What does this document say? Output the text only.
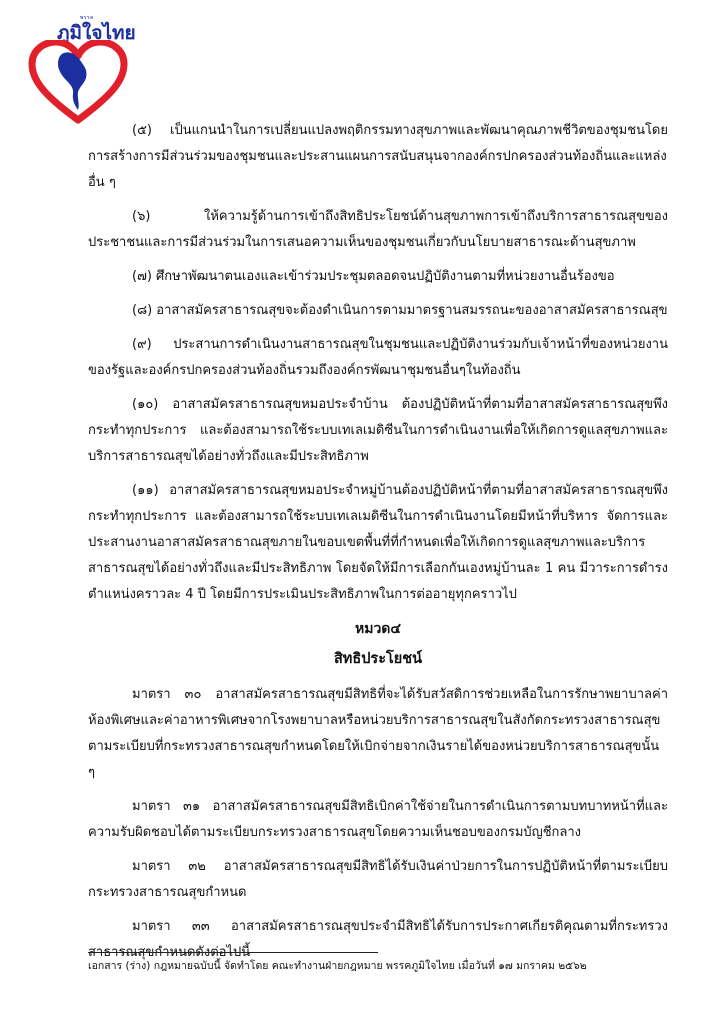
พรรค
ภูมิใจไทย

(๕) เป็นแกนนำในการเปลี่ยนแปลงพฤติกรรมทางสุขภาพและพัฒนาคุณภาพชีวิตของชุมชนโดยการสร้างการมีส่วนร่วมของชุมชนและประสานแผนการสนับสนุนจากองค์กรปกครองส่วนท้องถิ่นและแหล่งอื่น ๆ

(๖) ให้ความรู้ด้านการเข้าถึงสิทธิประโยชน์ด้านสุขภาพการเข้าถึงบริการสาธารณสุขของประชาชนและการมีส่วนร่วมในการเสนอความเห็นของชุมชนเกี่ยวกับนโยบายสาธารณะด้านสุขภาพ

(๗) ศึกษาพัฒนาตนเองและเข้าร่วมประชุมตลอดจนปฏิบัติงานตามที่หน่วยงานอื่นร้องขอ

(๘) อาสาสมัครสาธารณสุขจะต้องดำเนินการตามมาตรฐานสมรรถนะของอาสาสมัครสาธารณสุข

(๙) ประสานการดำเนินงานสาธารณสุขในชุมชนและปฏิบัติงานร่วมกับเจ้าหน้าที่ของหน่วยงานของรัฐและองค์กรปกครองส่วนท้องถิ่นรวมถึงองค์กรพัฒนาชุมชนอื่นๆในท้องถิ่น

(๑๐) อาสาสมัครสาธารณสุขหมอประจำบ้าน ต้องปฏิบัติหน้าที่ตามที่อาสาสมัครสาธารณสุขพึงกระทำทุกประการ และต้องสามารถใช้ระบบเทเลเมดิซีนในการดำเนินงานเพื่อให้เกิดการดูแลสุขภาพและบริการสาธารณสุขได้อย่างทั่วถึงและมีประสิทธิภาพ

(๑๑) อาสาสมัครสาธารณสุขหมอประจำหมู่บ้านต้องปฏิบัติหน้าที่ตามที่อาสาสมัครสาธารณสุขพึงกระทำทุกประการ และต้องสามารถใช้ระบบเทเลเมดิซีนในการดำเนินงานโดยมีหน้าที่บริหาร จัดการและประสานงานอาสาสมัครสาธาณสุขภายในขอบเขตพื้นที่ที่กำหนดเพื่อให้เกิดการดูแลสุขภาพและบริการสาธารณสุขได้อย่างทั่วถึงและมีประสิทธิภาพ โดยจัดให้มีการเลือกกันเองหมู่บ้านละ 1 คน มีวาระการดำรงตำแหน่งคราวละ 4 ปี โดยมีการประเมินประสิทธิภาพในการต่ออายุทุกคราวไป

หมวด๔
สิทธิประโยชน์

มาตรา ๓๐ อาสาสมัครสาธารณสุขมีสิทธิที่จะได้รับสวัสดิการช่วยเหลือในการรักษาพยาบาลค่าห้องพิเศษและค่าอาหารพิเศษจากโรงพยาบาลหรือหน่วยบริการสาธารณสุขในสังกัดกระทรวงสาธารณสุขตามระเบียบที่กระทรวงสาธารณสุขกำหนดโดยให้เบิกจ่ายจากเงินรายได้ของหน่วยบริการสาธารณสุขนั้น ๆ

มาตรา ๓๑ อาสาสมัครสาธารณสุขมีสิทธิเบิกค่าใช้จ่ายในการดำเนินการตามบทบาทหน้าที่และความรับผิดชอบได้ตามระเบียบกระทรวงสาธารณสุขโดยความเห็นชอบของกรมบัญชีกลาง

มาตรา ๓๒ อาสาสมัครสาธารณสุขมีสิทธิได้รับเงินค่าป่วยการในการปฏิบัติหน้าที่ตามระเบียบกระทรวงสาธารณสุขกำหนด

มาตรา ๓๓ อาสาสมัครสาธารณสุขประจำมีสิทธิได้รับการประกาศเกียรติคุณตามที่กระทรวงสาธารณสุขกำหนดดังต่อไปนี้

เอกสาร (ร่าง) กฎหมายฉบับนี้ จัดทำโดย คณะทำงานฝ่ายกฎหมาย พรรคภูมิใจไทย เมื่อวันที่ ๑๗ มกราคม ๒๕๖๒
